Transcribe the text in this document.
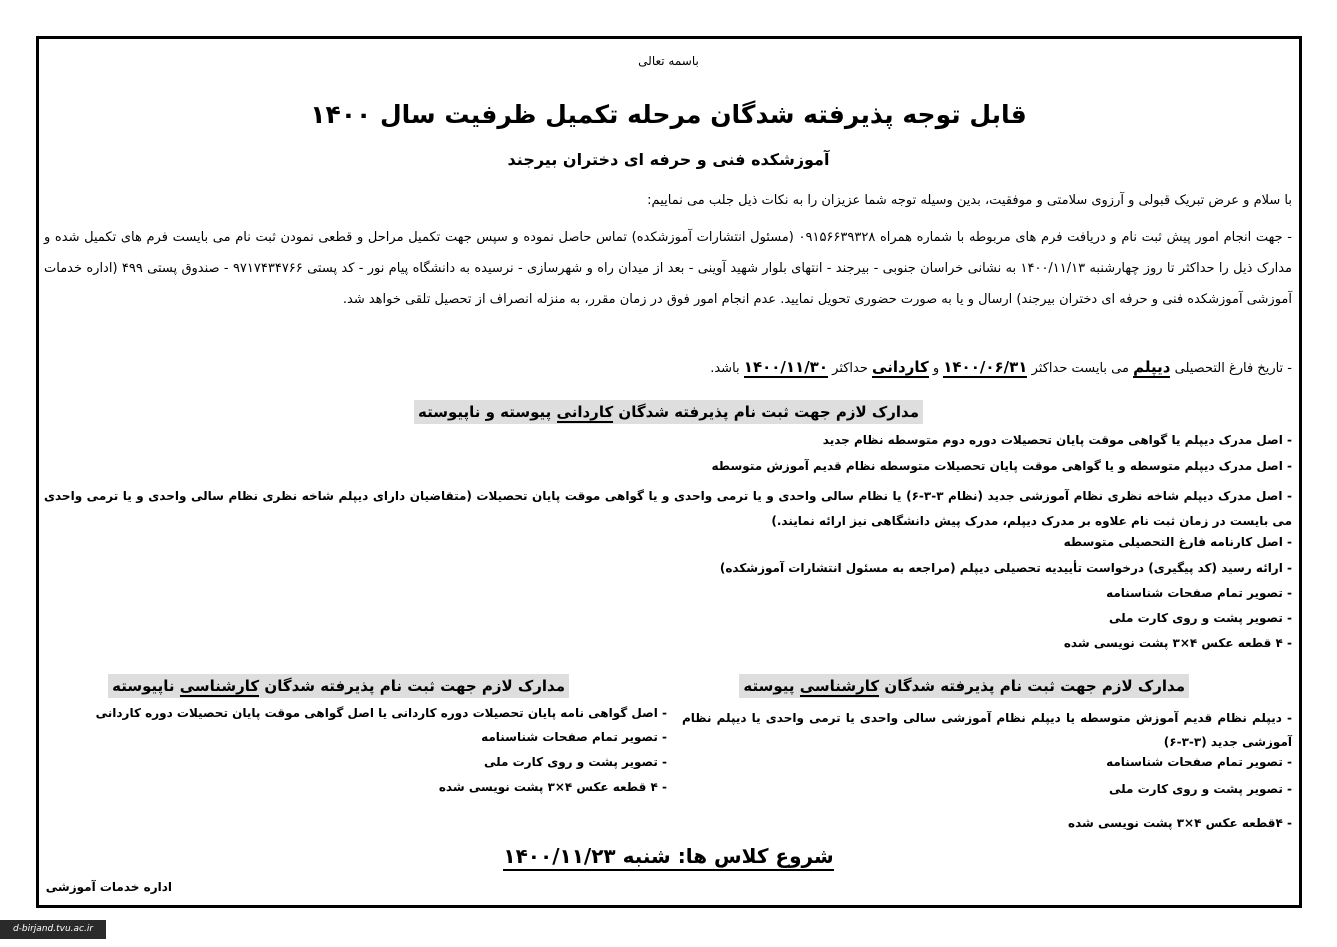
باسمه تعالی
قابل توجه پذیرفته شدگان مرحله تکمیل ظرفیت سال ۱۴۰۰
آموزشکده فنی و حرفه ای دختران بیرجند
با سلام و عرض تبریک قبولی و آرزوی سلامتی و موفقیت، بدین وسیله توجه شما عزیزان را به نکات ذیل جلب می نماییم:
- جهت انجام امور پیش ثبت نام و دریافت فرم های مربوطه با شماره همراه ۰۹۱۵۶۶۳۹۳۲۸ (مسئول انتشارات آموزشکده) تماس حاصل نموده و سپس جهت تکمیل مراحل و قطعی نمودن ثبت نام می بایست فرم های تکمیل شده و مدارک ذیل را حداکثر تا روز چهارشنبه ۱۴۰۰/۱۱/۱۳ به نشانی خراسان جنوبی - بیرجند - انتهای بلوار شهید آوینی - بعد از میدان راه و شهرسازی - نرسیده به دانشگاه پیام نور - کد پستی ۹۷۱۷۴۳۴۷۶۶ - صندوق پستی ۴۹۹ (اداره خدمات آموزشی آموزشکده فنی و حرفه ای دختران بیرجند) ارسال و یا به صورت حضوری تحویل نمایید. عدم انجام امور فوق در زمان مقرر، به منزله انصراف از تحصیل تلقی خواهد شد.
- تاریخ فارغ التحصیلی دیپلم می بایست حداکثر ۱۴۰۰/۰۶/۳۱ و کاردانی حداکثر ۱۴۰۰/۱۱/۳۰ باشد.
مدارک لازم جهت ثبت نام پذیرفته شدگان کاردانی پیوسته و ناپیوسته
- اصل مدرک دیپلم یا گواهی موقت پایان تحصیلات دوره دوم متوسطه نظام جدید
- اصل مدرک دیپلم متوسطه و یا گواهی موقت پایان تحصیلات متوسطه نظام قدیم آموزش متوسطه
- اصل مدرک دیپلم شاخه نظری نظام آموزشی جدید (نظام ۳-۳-۶) یا نظام سالی واحدی و یا ترمی واحدی و یا گواهی موقت پایان تحصیلات (متقاضیان دارای دیپلم شاخه نظری نظام سالی واحدی و یا ترمی واحدی می بایست در زمان ثبت نام علاوه بر مدرک دیپلم، مدرک پیش دانشگاهی نیز ارائه نمایند.)
- اصل کارنامه فارغ التحصیلی متوسطه
- ارائه رسید (کد پیگیری) درخواست تأییدیه تحصیلی دیپلم (مراجعه به مسئول انتشارات آموزشکده)
- تصویر تمام صفحات شناسنامه
- تصویر پشت و روی کارت ملی
- ۴ قطعه عکس ۴×۳ پشت نویسی شده
مدارک لازم جهت ثبت نام پذیرفته شدگان کارشناسی پیوسته
- دیپلم نظام قدیم آموزش متوسطه یا دیپلم نظام آموزشی سالی واحدی یا ترمی واحدی یا دیپلم نظام آموزشی جدید (۳-۳-۶)
- تصویر تمام صفحات شناسنامه
- تصویر پشت و روی کارت ملی
- ۴قطعه عکس ۴×۳ پشت نویسی شده
مدارک لازم جهت ثبت نام پذیرفته شدگان کارشناسی ناپیوسته
- اصل گواهی نامه پایان تحصیلات دوره کاردانی یا اصل گواهی موقت پایان تحصیلات دوره کاردانی
- تصویر تمام صفحات شناسنامه
- تصویر پشت و روی کارت ملی
- ۴ قطعه عکس ۴×۳ پشت نویسی شده
شروع کلاس ها: شنبه ۱۴۰۰/۱۱/۲۳
اداره خدمات آموزشی
d-birjand.tvu.ac.ir
